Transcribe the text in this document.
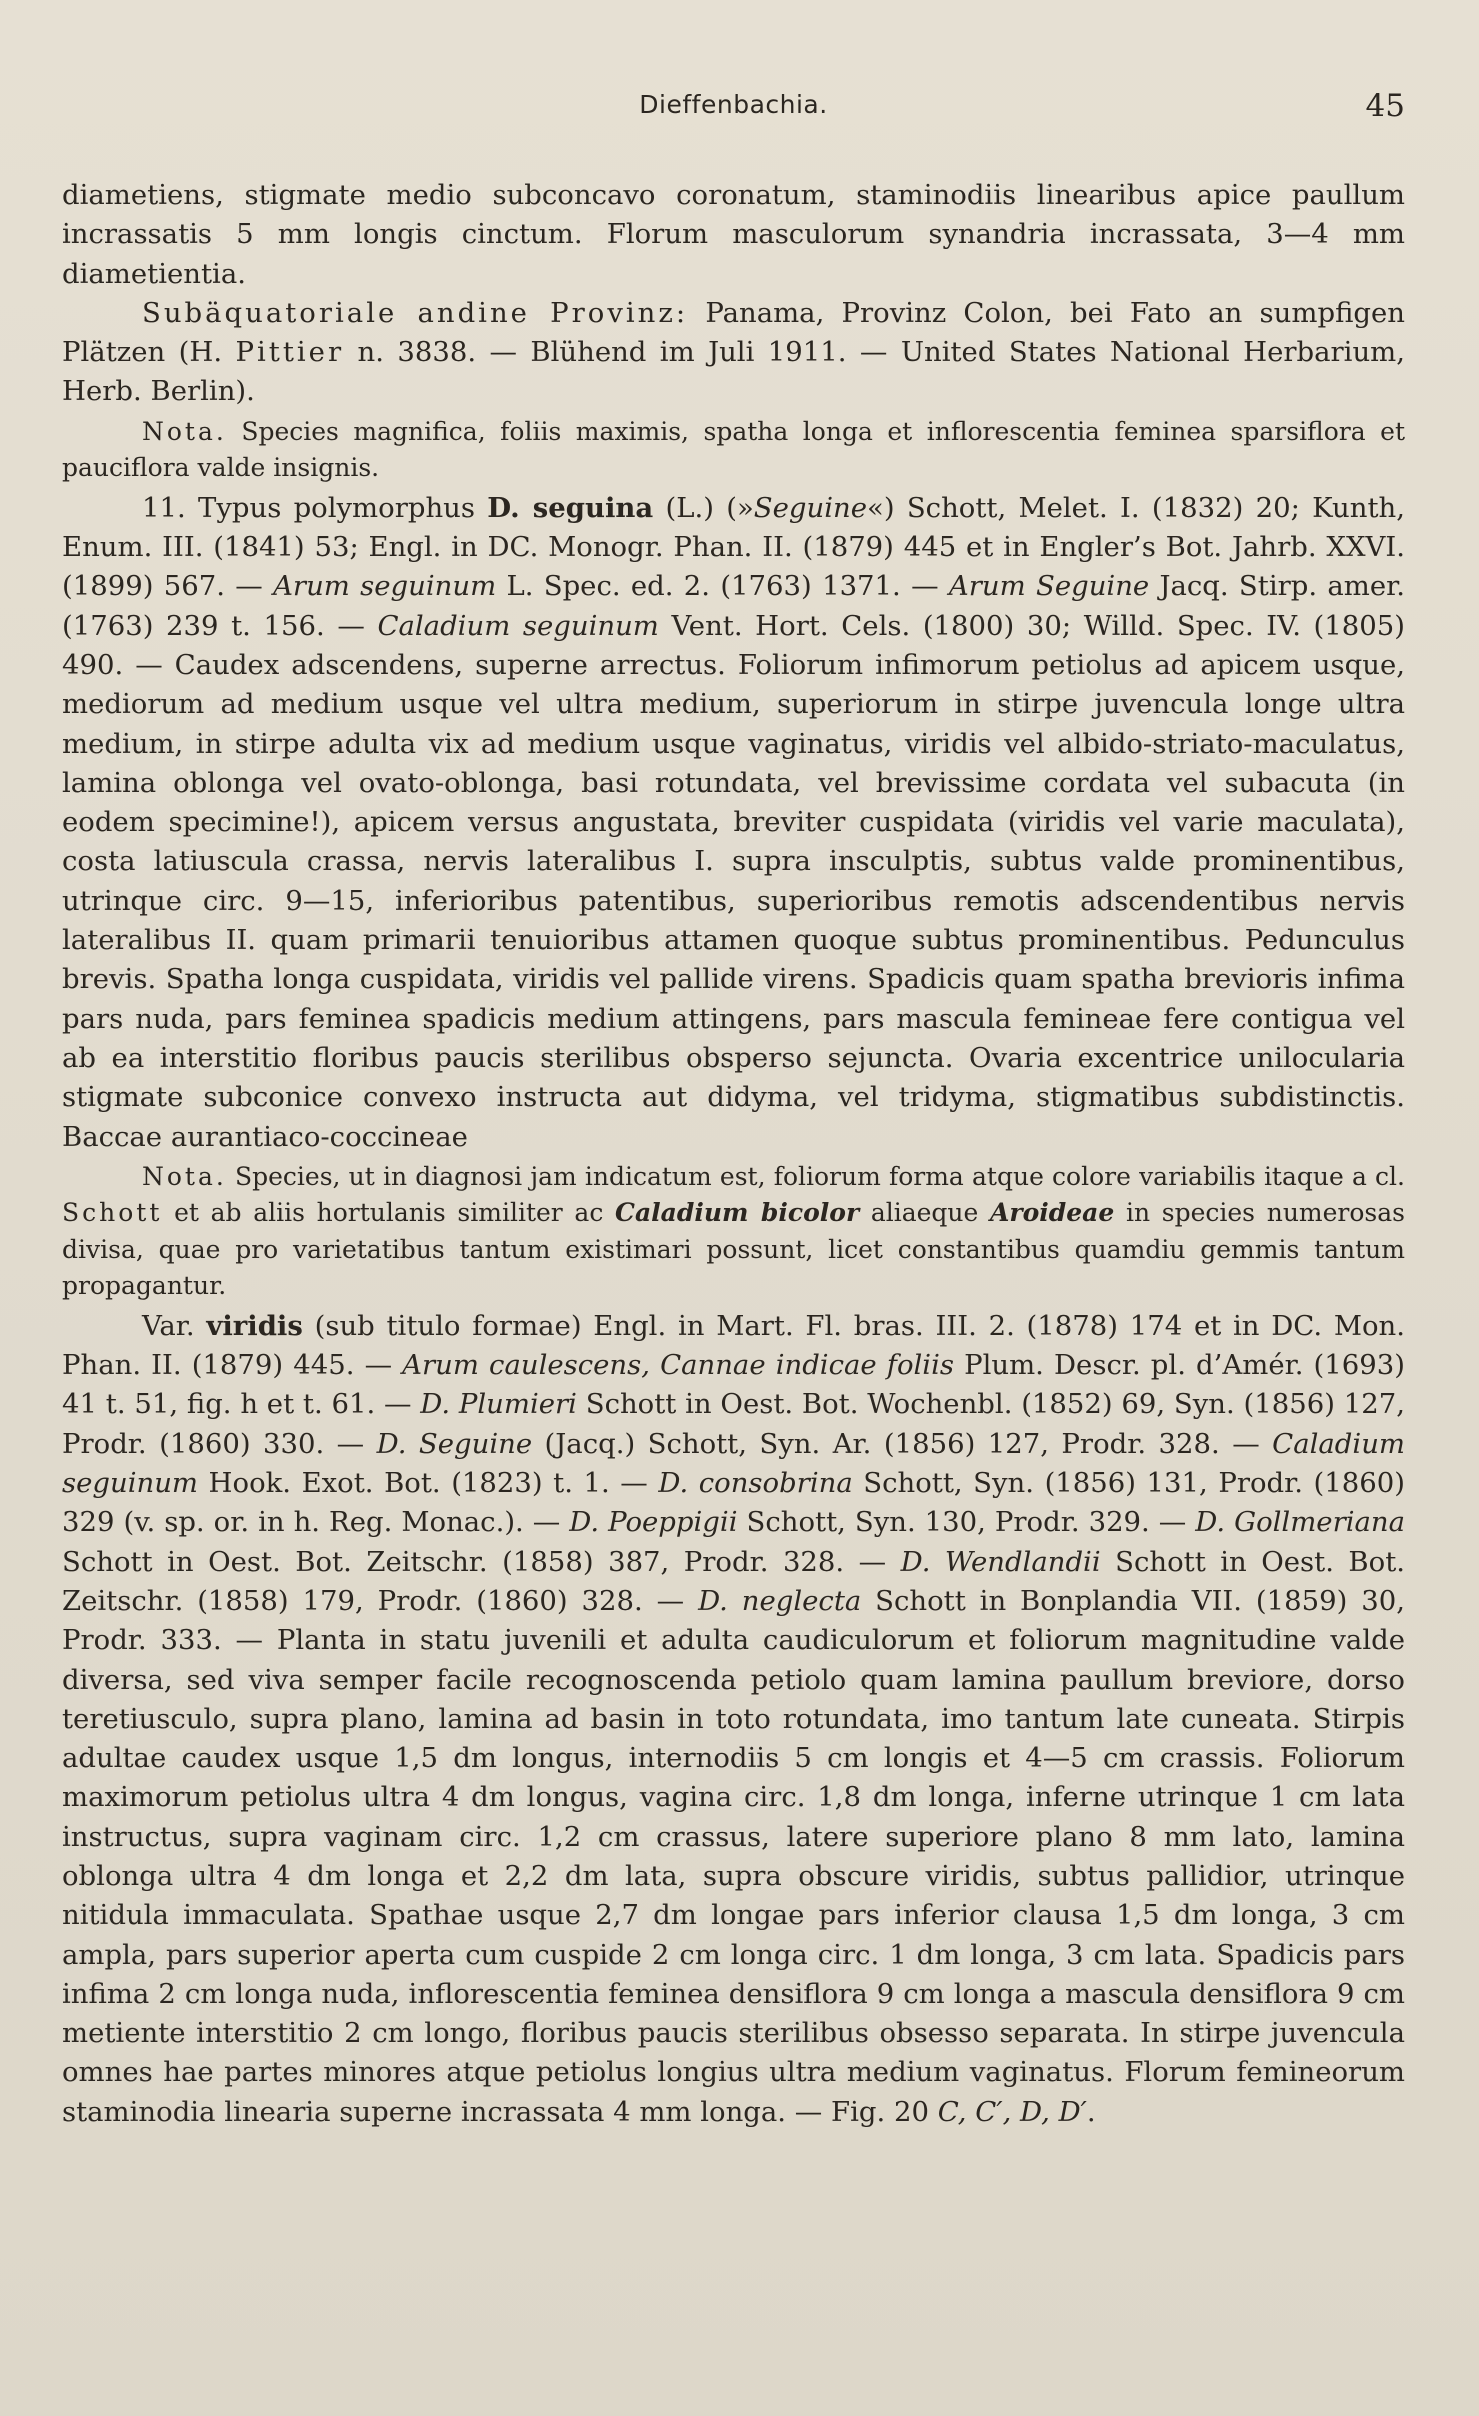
Dieffenbachia.	45

diametiens, stigmate medio subconcavo coronatum, staminodiis linearibus apice paullum incrassatis 5 mm longis cinctum. Florum masculorum synandria incrassata, 3—4 mm diametientia.

Subäquatoriale andine Provinz: Panama, Provinz Colon, bei Fato an sumpfigen Plätzen (H. Pittier n. 3838. — Blühend im Juli 1911. — United States National Herbarium, Herb. Berlin).

Nota. Species magnifica, foliis maximis, spatha longa et inflorescentia feminea sparsiflora et pauciflora valde insignis.

11. Typus polymorphus D. seguina (L.) (»Seguine«) Schott, Melet. I. (1832) 20; Kunth, Enum. III. (1841) 53; Engl. in DC. Monogr. Phan. II. (1879) 445 et in Engler’s Bot. Jahrb. XXVI. (1899) 567. — Arum seguinum L. Spec. ed. 2. (1763) 1371. — Arum Seguine Jacq. Stirp. amer. (1763) 239 t. 156. — Caladium seguinum Vent. Hort. Cels. (1800) 30; Willd. Spec. IV. (1805) 490. — Caudex adscendens, superne arrectus. Foliorum infimorum petiolus ad apicem usque, mediorum ad medium usque vel ultra medium, superiorum in stirpe juvencula longe ultra medium, in stirpe adulta vix ad medium usque vaginatus, viridis vel albido-striato-maculatus, lamina oblonga vel ovato-oblonga, basi rotundata, vel brevissime cordata vel subacuta (in eodem specimine!), apicem versus angustata, breviter cuspidata (viridis vel varie maculata), costa latiuscula crassa, nervis lateralibus I. supra insculptis, subtus valde prominentibus, utrinque circ. 9—15, inferioribus patentibus, superioribus remotis adscendentibus nervis lateralibus II. quam primarii tenuioribus attamen quoque subtus prominentibus. Pedunculus brevis. Spatha longa cuspidata, viridis vel pallide virens. Spadicis quam spatha brevioris infima pars nuda, pars feminea spadicis medium attingens, pars mascula femineae fere contigua vel ab ea interstitio floribus paucis sterilibus obsperso sejuncta. Ovaria excentrice unilocularia stigmate subconice convexo instructa aut didyma, vel tridyma, stigmatibus subdistinctis. Baccae aurantiaco-coccineae

Nota. Species, ut in diagnosi jam indicatum est, foliorum forma atque colore variabilis itaque a cl. Schott et ab aliis hortulanis similiter ac Caladium bicolor aliaeque Aroideae in species numerosas divisa, quae pro varietatibus tantum existimari possunt, licet constantibus quamdiu gemmis tantum propagantur.

Var. viridis (sub titulo formae) Engl. in Mart. Fl. bras. III. 2. (1878) 174 et in DC. Mon. Phan. II. (1879) 445. — Arum caulescens, Cannae indicae foliis Plum. Descr. pl. d’Amér. (1693) 41 t. 51, fig. h et t. 61. — D. Plumieri Schott in Oest. Bot. Wochenbl. (1852) 69, Syn. (1856) 127, Prodr. (1860) 330. — D. Seguine (Jacq.) Schott, Syn. Ar. (1856) 127, Prodr. 328. — Caladium seguinum Hook. Exot. Bot. (1823) t. 1. — D. consobrina Schott, Syn. (1856) 131, Prodr. (1860) 329 (v. sp. or. in h. Reg. Monac.). — D. Poeppigii Schott, Syn. 130, Prodr. 329. — D. Gollmeriana Schott in Oest. Bot. Zeitschr. (1858) 387, Prodr. 328. — D. Wendlandii Schott in Oest. Bot. Zeitschr. (1858) 179, Prodr. (1860) 328. — D. neglecta Schott in Bonplandia VII. (1859) 30, Prodr. 333. — Planta in statu juvenili et adulta caudiculorum et foliorum magnitudine valde diversa, sed viva semper facile recognoscenda petiolo quam lamina paullum breviore, dorso teretiusculo, supra plano, lamina ad basin in toto rotundata, imo tantum late cuneata. Stirpis adultae caudex usque 1,5 dm longus, internodiis 5 cm longis et 4—5 cm crassis. Foliorum maximorum petiolus ultra 4 dm longus, vagina circ. 1,8 dm longa, inferne utrinque 1 cm lata instructus, supra vaginam circ. 1,2 cm crassus, latere superiore plano 8 mm lato, lamina oblonga ultra 4 dm longa et 2,2 dm lata, supra obscure viridis, subtus pallidior, utrinque nitidula immaculata. Spathae usque 2,7 dm longae pars inferior clausa 1,5 dm longa, 3 cm ampla, pars superior aperta cum cuspide 2 cm longa circ. 1 dm longa, 3 cm lata. Spadicis pars infima 2 cm longa nuda, inflorescentia feminea densiflora 9 cm longa a mascula densiflora 9 cm metiente interstitio 2 cm longo, floribus paucis sterilibus obsesso separata. In stirpe juvencula omnes hae partes minores atque petiolus longius ultra medium vaginatus. Florum femineorum staminodia linearia superne incrassata 4 mm longa. — Fig. 20 C, C′, D, D′.
